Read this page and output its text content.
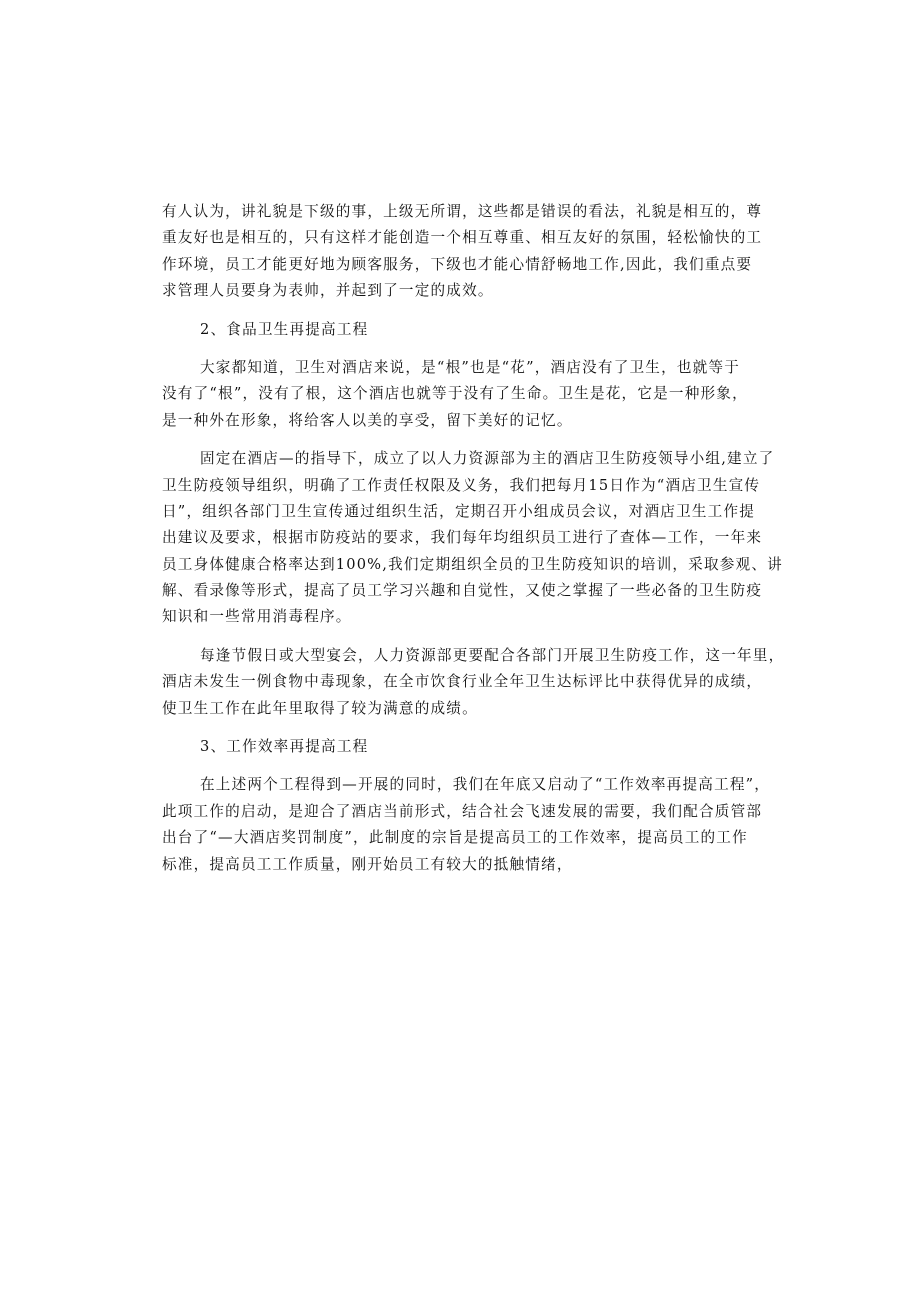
有人认为，讲礼貌是下级的事，上级无所谓，这些都是错误的看法，礼貌是相互的，尊
重友好也是相互的，只有这样才能创造一个相互尊重、相互友好的氛围，轻松愉快的工
作环境，员工才能更好地为顾客服务，下级也才能心情舒畅地工作,因此，我们重点要
求管理人员要身为表帅，并起到了一定的成效。
2、食品卫生再提高工程
大家都知道，卫生对酒店来说，是“根”也是“花”，酒店没有了卫生，也就等于
没有了“根”，没有了根，这个酒店也就等于没有了生命。卫生是花，它是一种形象，
是一种外在形象，将给客人以美的享受，留下美好的记忆。
固定在酒店—的指导下，成立了以人力资源部为主的酒店卫生防疫领导小组,建立了
卫生防疫领导组织，明确了工作责任权限及义务，我们把每月15日作为“酒店卫生宣传
日”，组织各部门卫生宣传通过组织生活，定期召开小组成员会议，对酒店卫生工作提
出建议及要求，根据市防疫站的要求，我们每年均组织员工进行了查体—工作，一年来
员工身体健康合格率达到100%,我们定期组织全员的卫生防疫知识的培训，采取参观、讲
解、看录像等形式，提高了员工学习兴趣和自觉性，又使之掌握了一些必备的卫生防疫
知识和一些常用消毒程序。
每逢节假日或大型宴会，人力资源部更要配合各部门开展卫生防疫工作，这一年里，
酒店未发生一例食物中毒现象，在全市饮食行业全年卫生达标评比中获得优异的成绩，
使卫生工作在此年里取得了较为满意的成绩。
3、工作效率再提高工程
在上述两个工程得到—开展的同时，我们在年底又启动了“工作效率再提高工程”，
此项工作的启动，是迎合了酒店当前形式，结合社会飞速发展的需要，我们配合质管部
出台了“—大酒店奖罚制度”，此制度的宗旨是提高员工的工作效率，提高员工的工作
标准，提高员工工作质量，刚开始员工有较大的抵触情绪，
